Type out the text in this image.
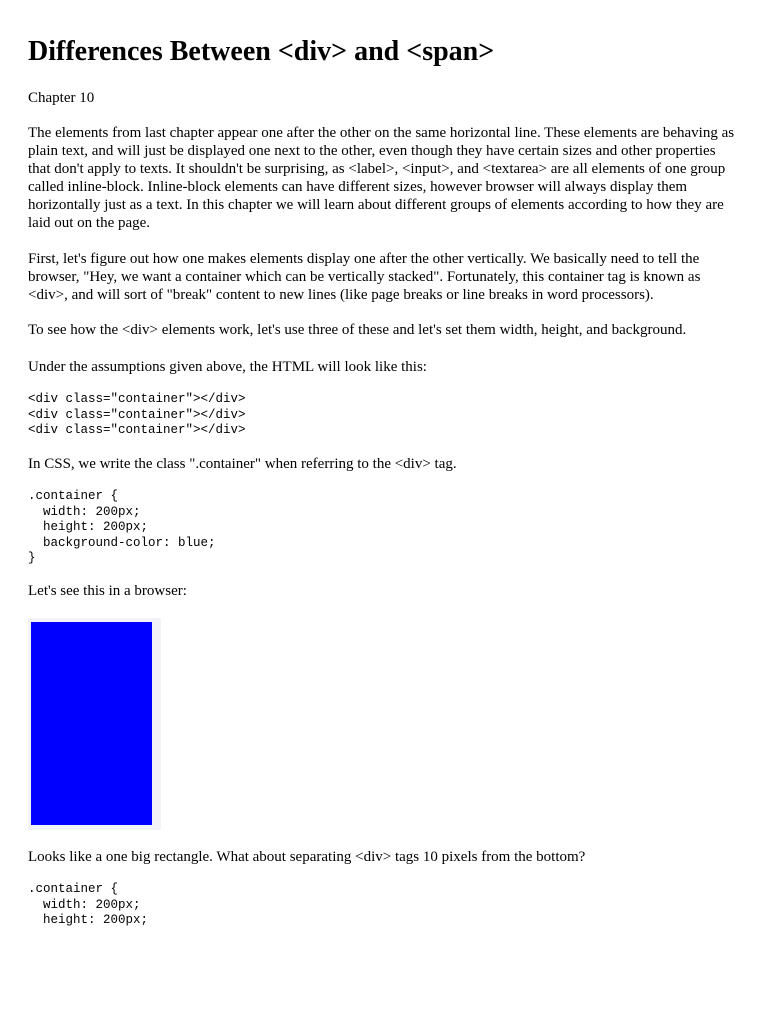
Differences Between <div> and <span>

Chapter 10

The elements from last chapter appear one after the other on the same horizontal line. These elements are behaving as plain text, and will just be displayed one next to the other, even though they have certain sizes and other properties that don't apply to texts. It shouldn't be surprising, as <label>, <input>, and <textarea> are all elements of one group called inline-block. Inline-block elements can have different sizes, however browser will always display them horizontally just as a text. In this chapter we will learn about different groups of elements according to how they are laid out on the page.

First, let's figure out how one makes elements display one after the other vertically. We basically need to tell the browser, "Hey, we want a container which can be vertically stacked". Fortunately, this container tag is known as <div>, and will sort of "break" content to new lines (like page breaks or line breaks in word processors).

To see how the <div> elements work, let's use three of these and let's set them width, height, and background.

Under the assumptions given above, the HTML will look like this:

<div class="container"></div>
<div class="container"></div>
<div class="container"></div>

In CSS, we write the class ".container" when referring to the <div> tag.

.container {
width: 200px;
height: 200px;
background-color: blue;
}

Let's see this in a browser:

Looks like a one big rectangle. What about separating <div> tags 10 pixels from the bottom?

.container {
width: 200px;
height: 200px;
